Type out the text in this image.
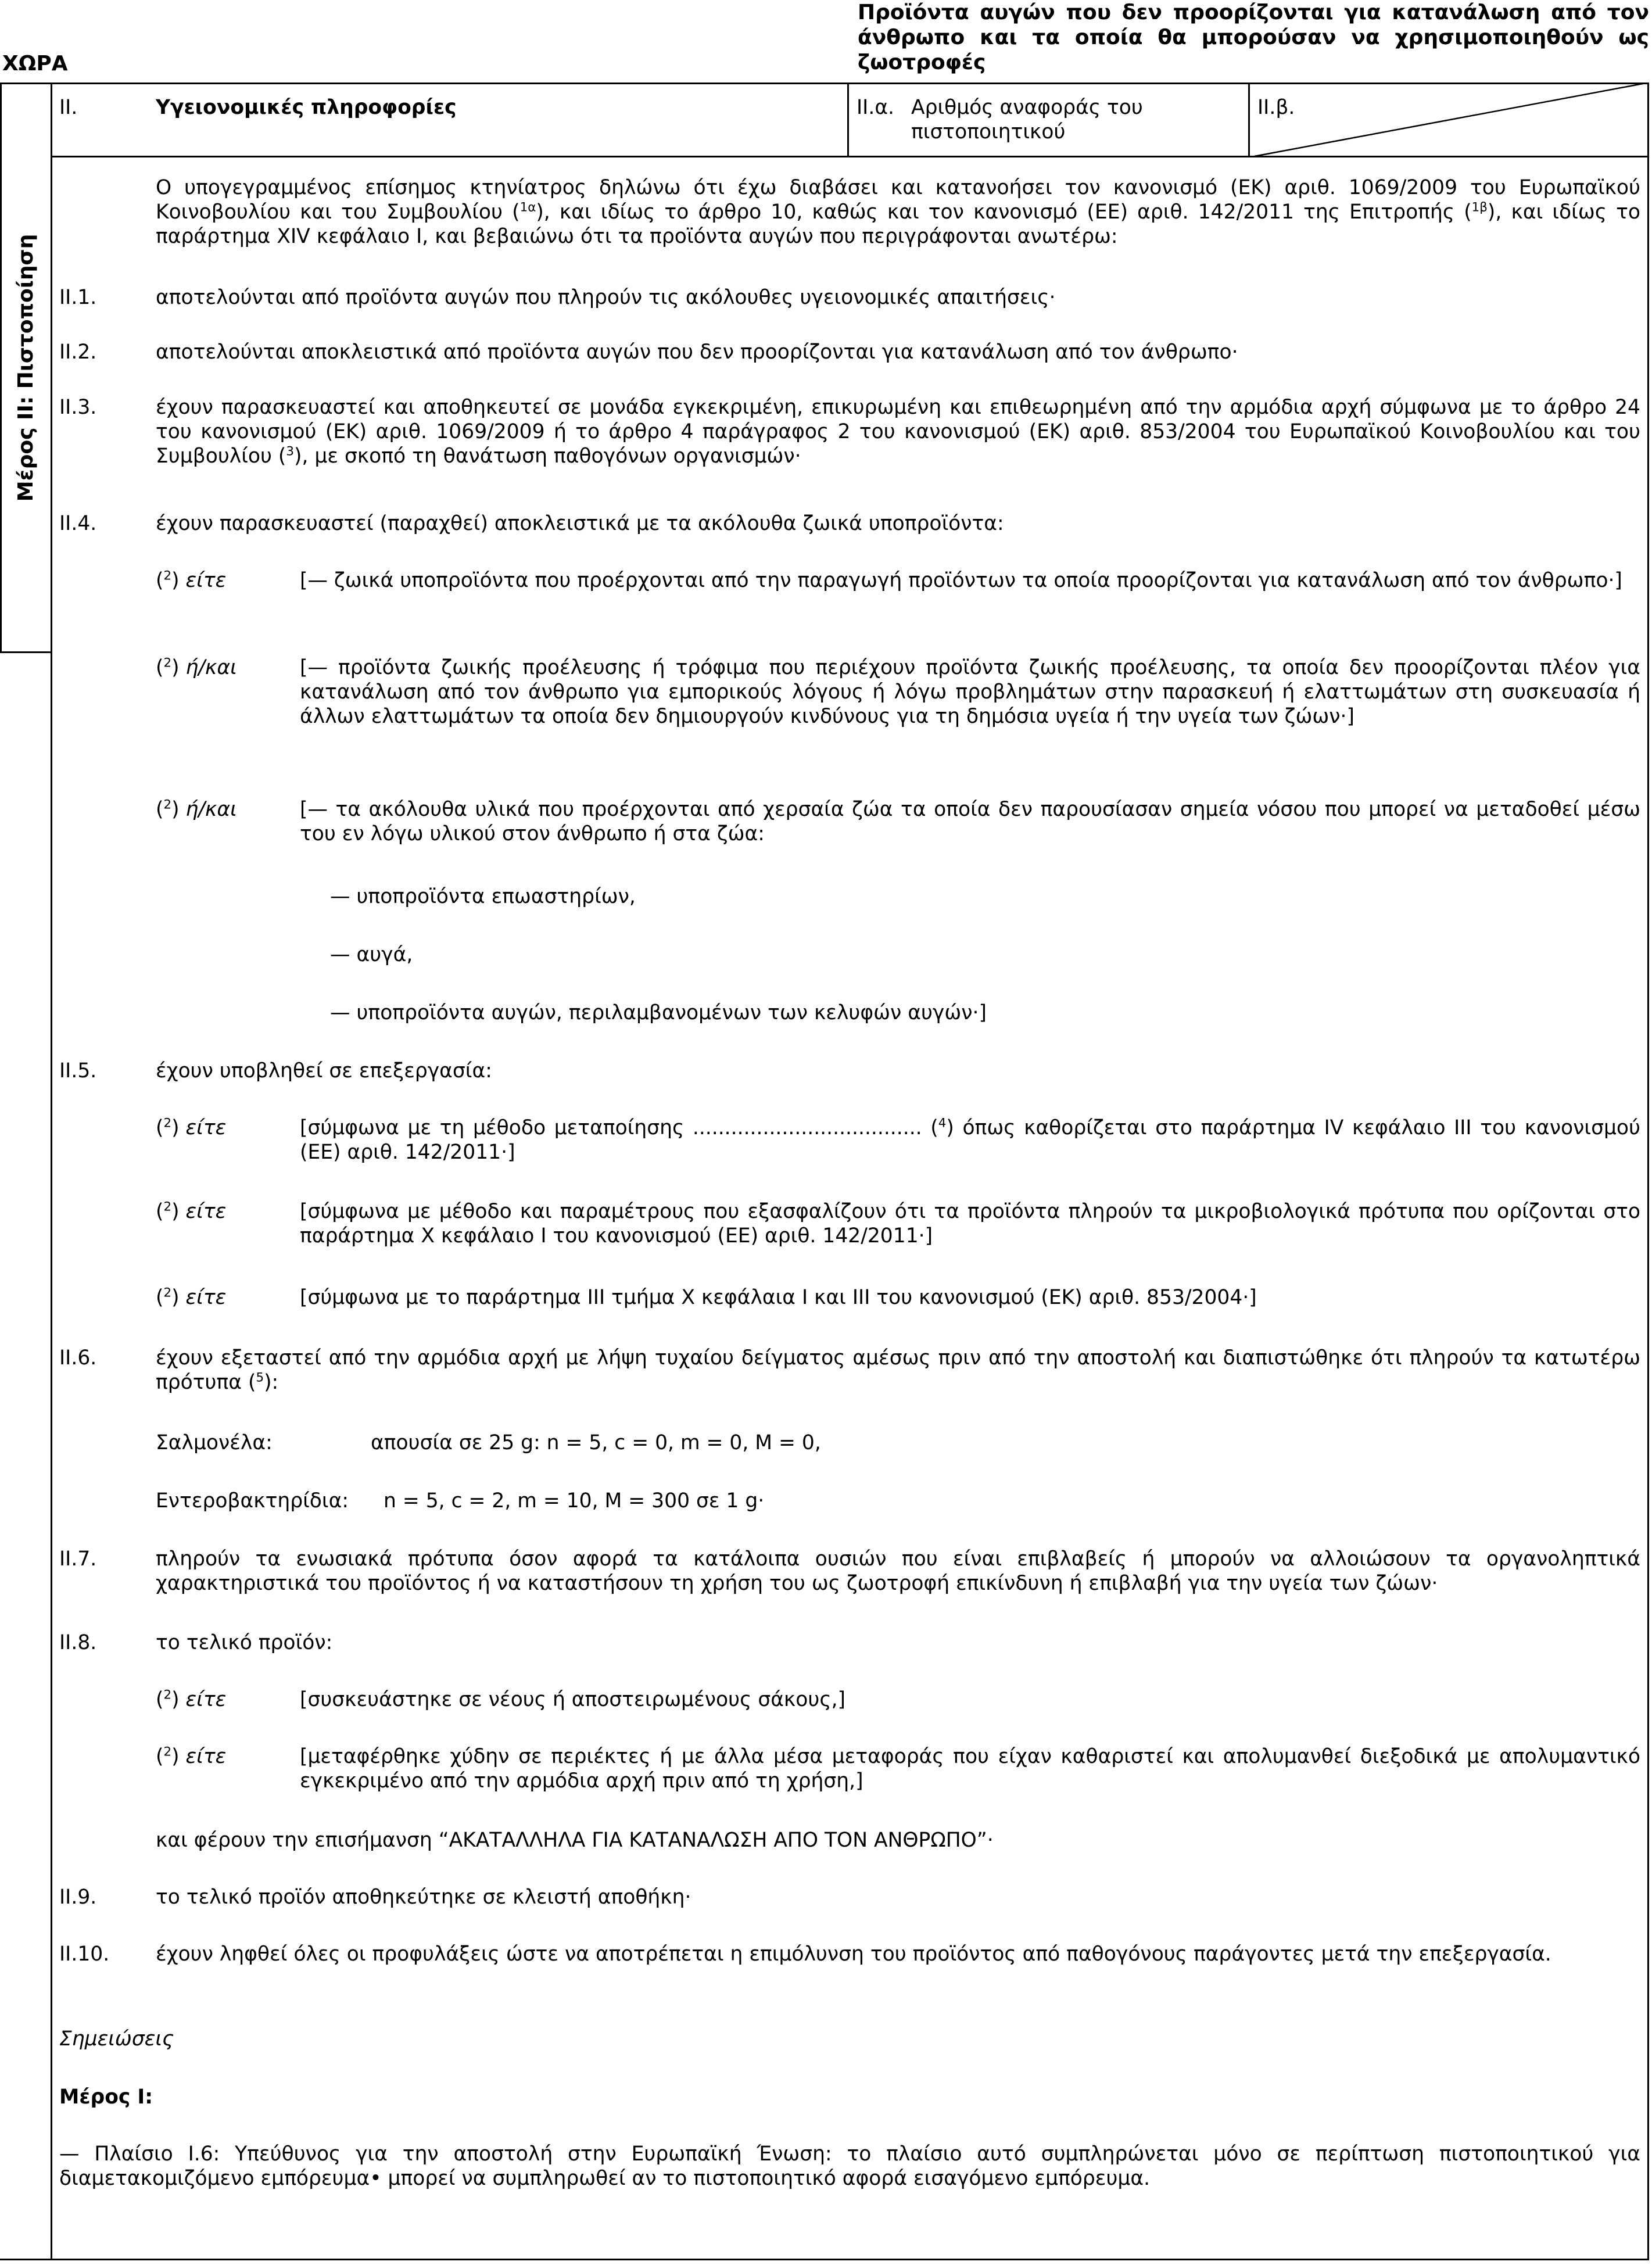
ΧΩΡΑ
Προϊόντα αυγών που δεν προορίζονται για κατανάλωση από τον άνθρωπο και τα οποία θα μπορούσαν να χρησιμοποιηθούν ως ζωοτροφές
Μέρος ΙΙ: Πιστοποίηση
II.	Υγειονομικές πληροφορίες	II.α. Αριθμός αναφοράς του πιστοποιητικού
II.β.
Ο υπογεγραμμένος επίσημος κτηνίατρος δηλώνω ότι έχω διαβάσει και κατανοήσει τον κανονισμό (ΕΚ) αριθ. 1069/2009 του Ευρωπαϊκού Κοινοβουλίου και του Συμβουλίου ($^{1\alpha}$), και ιδίως το άρθρο 10, καθώς και τον κανονισμό (ΕΕ) αριθ. 142/2011 της Επιτροπής ($^{1\beta}$), και ιδίως το παράρτημα XIV κεφάλαιο I, και βεβαιώνω ότι τα προϊόντα αυγών που περιγράφονται ανωτέρω:
II.1.	αποτελούνται από προϊόντα αυγών που πληρούν τις ακόλουθες υγειονομικές απαιτήσεις·
II.2.	αποτελούνται αποκλειστικά από προϊόντα αυγών που δεν προορίζονται για κατανάλωση από τον άνθρωπο·
II.3.	έχουν παρασκευαστεί και αποθηκευτεί σε μονάδα εγκεκριμένη, επικυρωμένη και επιθεωρημένη από την αρμόδια αρχή σύμφωνα με το άρθρο 24 του κανονισμού (ΕΚ) αριθ. 1069/2009 ή το άρθρο 4 παράγραφος 2 του κανονισμού (ΕΚ) αριθ. 853/2004 του Ευρωπαϊκού Κοινοβουλίου και του Συμβουλίου ($^3$), με σκοπό τη θανάτωση παθογόνων οργανισμών·
II.4.	έχουν παρασκευαστεί (παραχθεί) αποκλειστικά με τα ακόλουθα ζωικά υποπροϊόντα:
($^2$) είτε	[— ζωικά υποπροϊόντα που προέρχονται από την παραγωγή προϊόντων τα οποία προορίζονται για κατανάλωση από τον άνθρωπο·]
($^2$) ή/και	[— προϊόντα ζωικής προέλευσης ή τρόφιμα που περιέχουν προϊόντα ζωικής προέλευσης, τα οποία δεν προορίζονται πλέον για κατανάλωση από τον άνθρωπο για εμπορικούς λόγους ή λόγω προβλημάτων στην παρασκευή ή ελαττωμάτων στη συσκευασία ή άλλων ελαττωμάτων τα οποία δεν δημιουργούν κινδύνους για τη δημόσια υγεία ή την υγεία των ζώων·]
($^2$) ή/και	[— τα ακόλουθα υλικά που προέρχονται από χερσαία ζώα τα οποία δεν παρουσίασαν σημεία νόσου που μπορεί να μεταδοθεί μέσω του εν λόγω υλικού στον άνθρωπο ή στα ζώα:
— υποπροϊόντα επωαστηρίων,
— αυγά,
— υποπροϊόντα αυγών, περιλαμβανομένων των κελυφών αυγών·]
II.5.	έχουν υποβληθεί σε επεξεργασία:
($^2$) είτε	[σύμφωνα με τη μέθοδο μεταποίησης .................................... ($^4$) όπως καθορίζεται στο παράρτημα IV κεφάλαιο III του κανονισμού (ΕΕ) αριθ. 142/2011·]
($^2$) είτε	[σύμφωνα με μέθοδο και παραμέτρους που εξασφαλίζουν ότι τα προϊόντα πληρούν τα μικροβιολογικά πρότυπα που ορίζονται στο παράρτημα X κεφάλαιο I του κανονισμού (ΕΕ) αριθ. 142/2011·]
($^2$) είτε	[σύμφωνα με το παράρτημα III τμήμα X κεφάλαια I και III του κανονισμού (ΕΚ) αριθ. 853/2004·]
II.6.	έχουν εξεταστεί από την αρμόδια αρχή με λήψη τυχαίου δείγματος αμέσως πριν από την αποστολή και διαπιστώθηκε ότι πληρούν τα κατωτέρω πρότυπα ($^5$):
Σαλμονέλα:	απουσία σε 25 g: n = 5, c = 0, m = 0, M = 0,
Εντεροβακτηρίδια: n = 5, c = 2, m = 10, M = 300 σε 1 g·
II.7.	πληρούν τα ενωσιακά πρότυπα όσον αφορά τα κατάλοιπα ουσιών που είναι επιβλαβείς ή μπορούν να αλλοιώσουν τα οργανοληπτικά χαρακτηριστικά του προϊόντος ή να καταστήσουν τη χρήση του ως ζωοτροφή επικίνδυνη ή επιβλαβή για την υγεία των ζώων·
II.8.	το τελικό προϊόν:
($^2$) είτε	[συσκευάστηκε σε νέους ή αποστειρωμένους σάκους,]
($^2$) είτε	[μεταφέρθηκε χύδην σε περιέκτες ή με άλλα μέσα μεταφοράς που είχαν καθαριστεί και απολυμανθεί διεξοδικά με απολυμαντικό εγκεκριμένο από την αρμόδια αρχή πριν από τη χρήση,]
και φέρουν την επισήμανση “ΑΚΑΤΑΛΛΗΛΑ ΓΙΑ ΚΑΤΑΝΑΛΩΣΗ ΑΠΟ ΤΟΝ ΑΝΘΡΩΠΟ”·
II.9.	το τελικό προϊόν αποθηκεύτηκε σε κλειστή αποθήκη·
II.10. έχουν ληφθεί όλες οι προφυλάξεις ώστε να αποτρέπεται η επιμόλυνση του προϊόντος από παθογόνους παράγοντες μετά την επεξεργασία.
Σημειώσεις
Μέρος I:
— Πλαίσιο I.6: Υπεύθυνος για την αποστολή στην Ευρωπαϊκή Ένωση: το πλαίσιο αυτό συμπληρώνεται μόνο σε περίπτωση πιστοποιητικού για διαμετακομιζόμενο εμπόρευμα• μπορεί να συμπληρωθεί αν το πιστοποιητικό αφορά εισαγόμενο εμπόρευμα.
